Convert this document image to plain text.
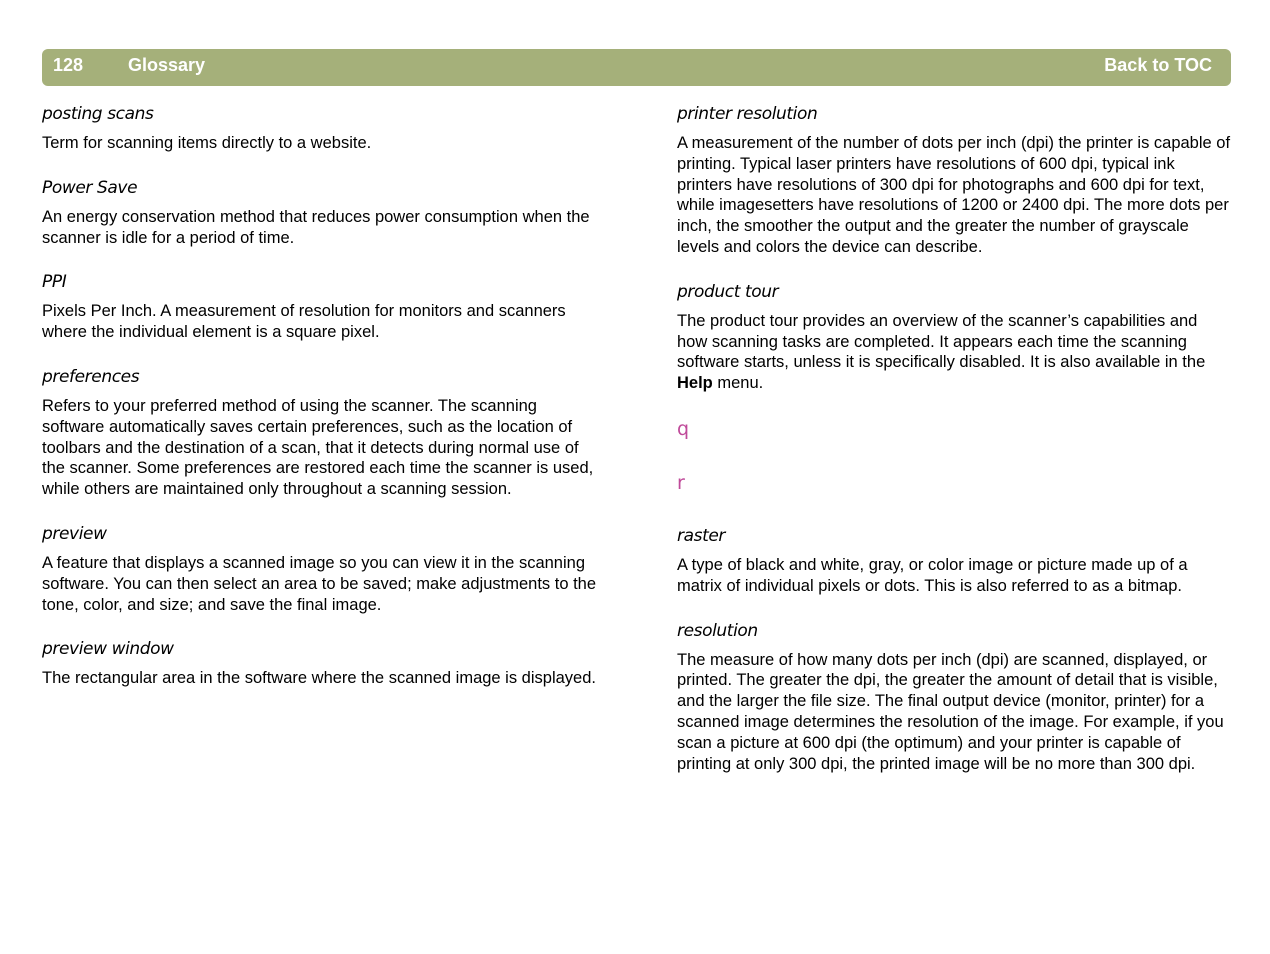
128 Glossary	Back to TOC
posting scans

Term for scanning items directly to a website.

Power Save

An energy conservation method that reduces power consumption when the scanner is idle for a period of time.

PPI

Pixels Per Inch. A measurement of resolution for monitors and scanners where the individual element is a square pixel.

preferences

Refers to your preferred method of using the scanner. The scanning software automatically saves certain preferences, such as the location of toolbars and the destination of a scan, that it detects during normal use of the scanner. Some preferences are restored each time the scanner is used, while others are maintained only throughout a scanning session.

preview

A feature that displays a scanned image so you can view it in the scanning software. You can then select an area to be saved; make adjustments to the tone, color, and size; and save the final image.

preview window

The rectangular area in the software where the scanned image is displayed.

printer resolution

A measurement of the number of dots per inch (dpi) the printer is capable of printing. Typical laser printers have resolutions of 600 dpi, typical ink printers have resolutions of 300 dpi for photographs and 600 dpi for text, while imagesetters have resolutions of 1200 or 2400 dpi. The more dots per inch, the smoother the output and the greater the number of grayscale levels and colors the device can describe.

product tour

The product tour provides an overview of the scanner’s capabilities and how scanning tasks are completed. It appears each time the scanning software starts, unless it is specifically disabled. It is also available in the Help menu.

q
r
raster

A type of black and white, gray, or color image or picture made up of a matrix of individual pixels or dots. This is also referred to as a bitmap.

resolution

The measure of how many dots per inch (dpi) are scanned, displayed, or printed. The greater the dpi, the greater the amount of detail that is visible, and the larger the file size. The final output device (monitor, printer) for a scanned image determines the resolution of the image. For example, if you scan a picture at 600 dpi (the optimum) and your printer is capable of printing at only 300 dpi, the printed image will be no more than 300 dpi.
